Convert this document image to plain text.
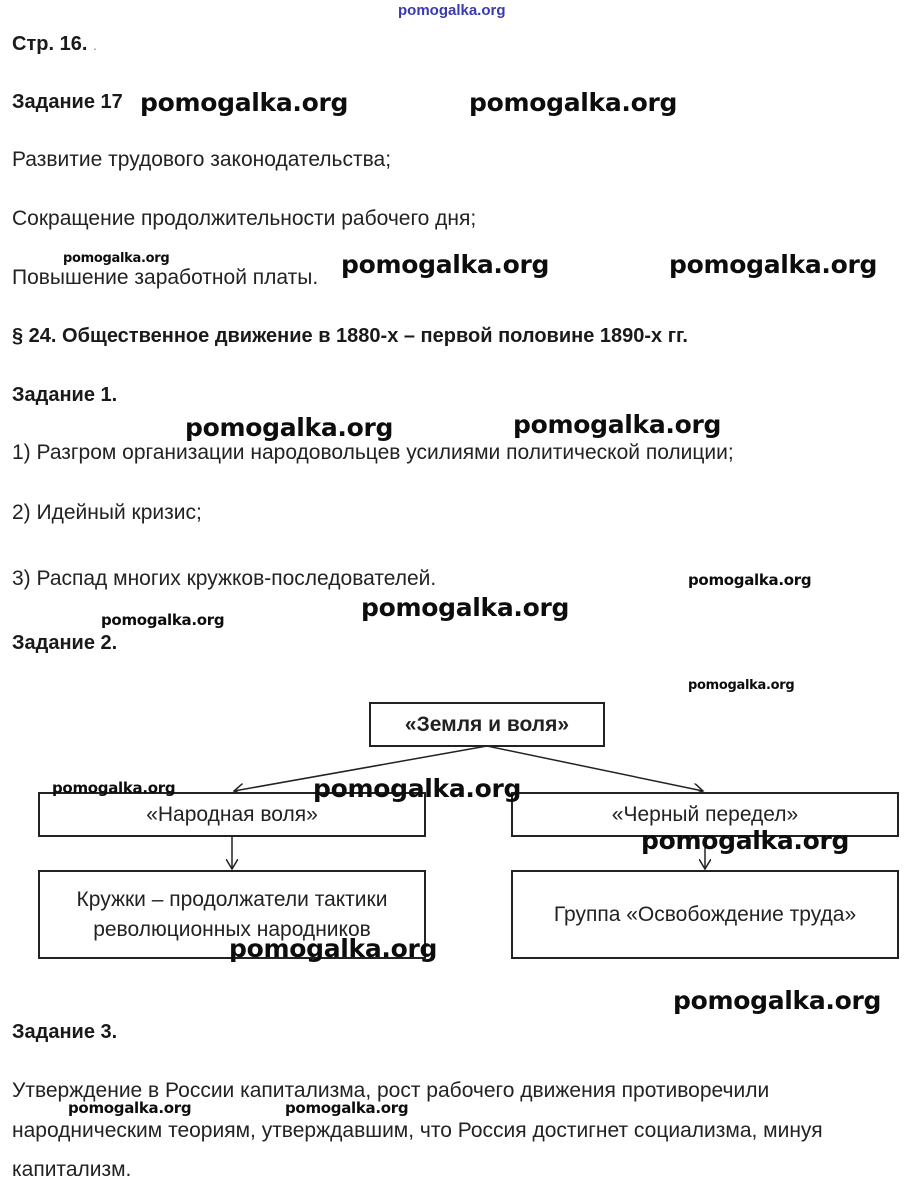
pomogalka.org
Стр. 16. .
Задание 17 pomogalka.org	pomogalka.org
Развитие трудового законодательства;
Сокращение продолжительности рабочего дня;
pomogalka.org
Повышение заработной платы. pomogalka.org	pomogalka.org
§ 24. Общественное движение в 1880-х – первой половине 1890-х гг.
Задание 1.
pomogalka.org	pomogalka.org
1) Разгром организации народовольцев усилиями политической полиции;
2) Идейный кризис;
3) Распад многих кружков-последователей.	pomogalka.org
pomogalka.org
pomogalka.org
Задание 2.
pomogalka.org
«Земля и воля»
«Народная воля»	«Черный передел»
Кружки – продолжатели тактики
революционных народников
Группа «Освобождение труда»
pomogalka.org	pomogalka.org
pomogalka.org
pomogalka.org
pomogalka.org
Задание 3.
Утверждение в России капитализма, рост рабочего движения противоречили
pomogalka.org	pomogalka.org
народническим теориям, утверждавшим, что Россия достигнет социализма, минуя
капитализм.
